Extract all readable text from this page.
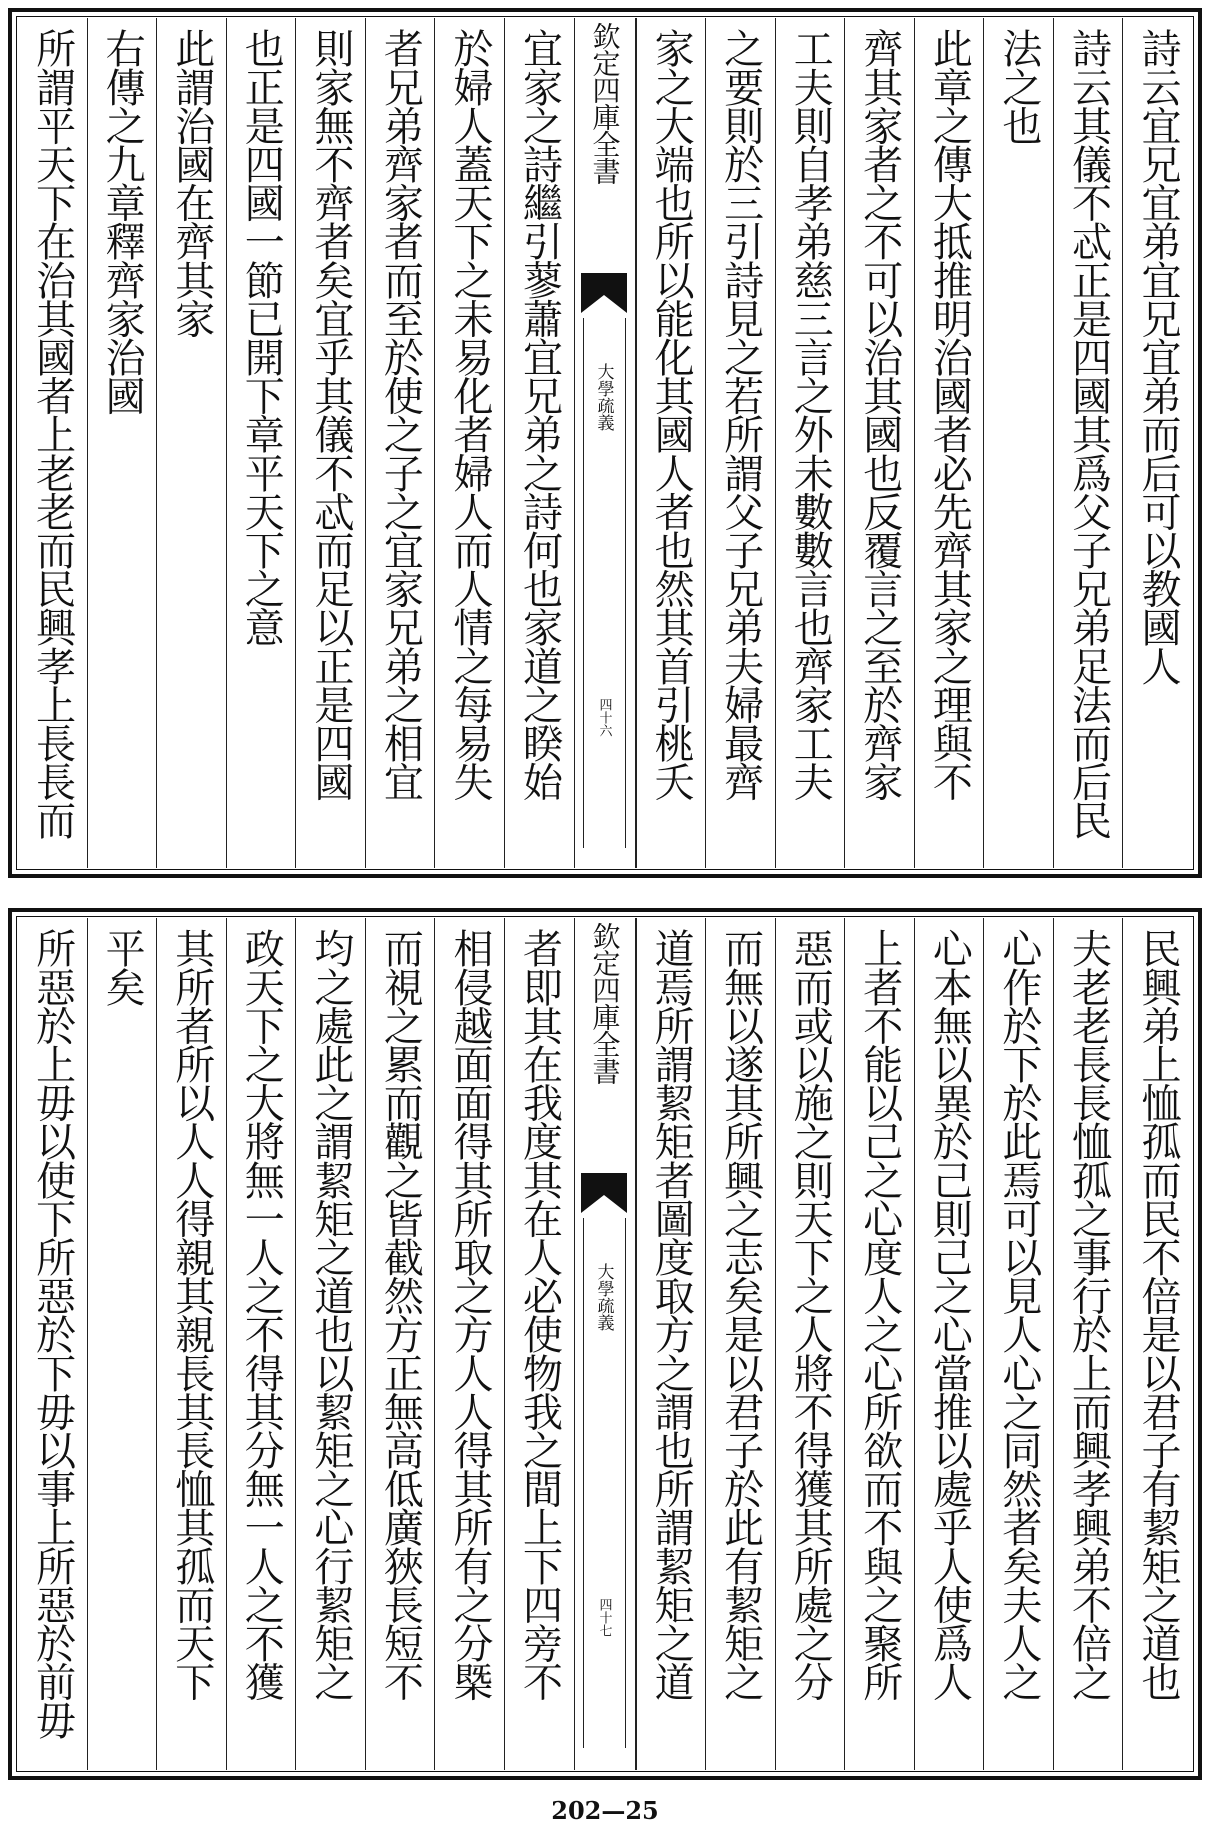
詩云宜兄宜弟宜兄宜弟而后可以教國人
詩云其儀不忒正是四國其爲父子兄弟足法而后民
法之也
此章之傳大抵推明治國者必先齊其家之理與不
齊其家者之不可以治其國也反覆言之至於齊家
工夫則自孝弟慈三言之外未數數言也齊家工夫
之要則於三引詩見之若所謂父子兄弟夫婦最齊
家之大端也所以能化其國人者也然其首引桃夭
欽定四庫全書
大學疏義
四十六
宜家之詩繼引蓼蕭宜兄弟之詩何也家道之睽始
於婦人蓋天下之未易化者婦人而人情之每易失
者兄弟齊家者而至於使之子之宜家兄弟之相宜
則家無不齊者矣宜乎其儀不忒而足以正是四國
也正是四國一節已開下章平天下之意
此謂治國在齊其家
右傳之九章釋齊家治國
所謂平天下在治其國者上老老而民興孝上長長而
民興弟上恤孤而民不倍是以君子有絜矩之道也
夫老老長長恤孤之事行於上而興孝興弟不倍之
心作於下於此焉可以見人心之同然者矣夫人之
心本無以異於己則己之心當推以處乎人使爲人
上者不能以己之心度人之心所欲而不與之聚所
惡而或以施之則天下之人將不得獲其所處之分
而無以遂其所興之志矣是以君子於此有絜矩之
道焉所謂絜矩者圖度取方之謂也所謂絜矩之道
欽定四庫全書
大學疏義
四十七
者即其在我度其在人必使物我之間上下四旁不
相侵越面面得其所取之方人人得其所有之分槩
而視之累而觀之皆截然方正無高低廣狹長短不
均之處此之謂絜矩之道也以絜矩之心行絜矩之
政天下之大將無一人之不得其分無一人之不獲
其所者所以人人得親其親長其長恤其孤而天下
平矣
所惡於上毋以使下所惡於下毋以事上所惡於前毋
202—25
